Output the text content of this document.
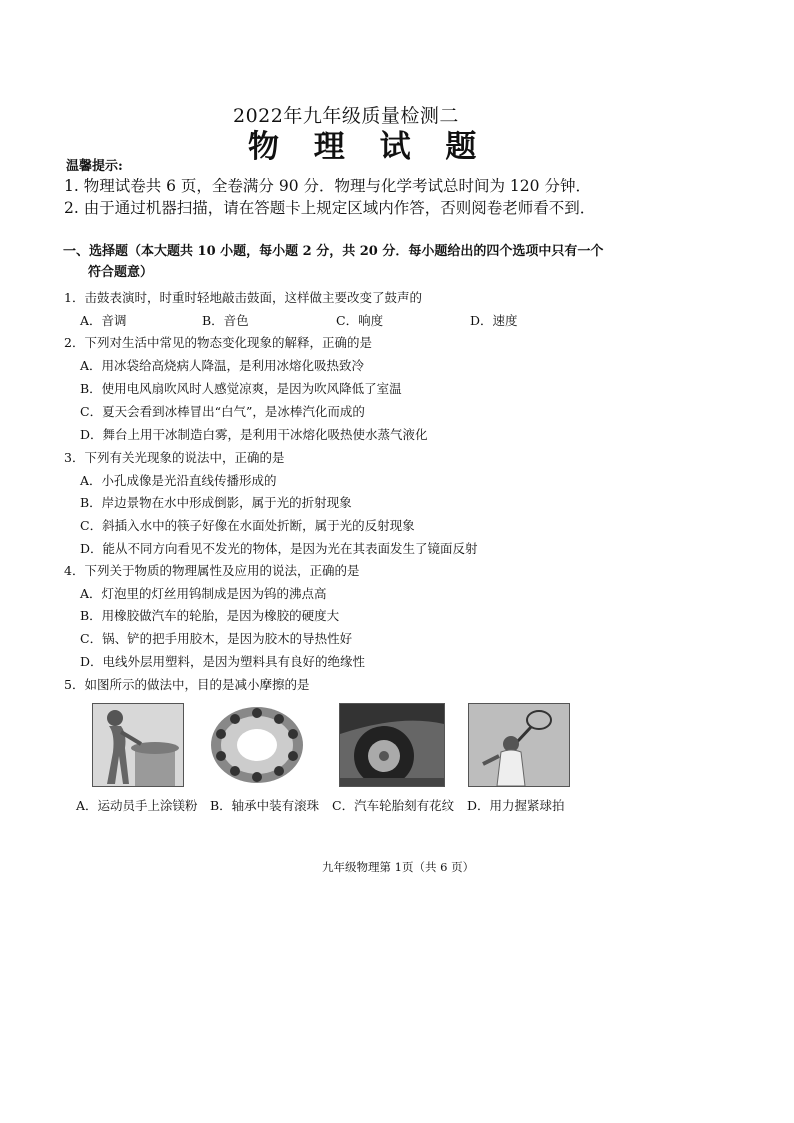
2022年九年级质量检测二
物 理 试 题
温馨提示:
1. 物理试卷共 6 页，全卷满分 90 分．物理与化学考试总时间为 120 分钟．
2. 由于通过机器扫描，请在答题卡上规定区域内作答，否则阅卷老师看不到．
一、选择题（本大题共 10 小题，每小题 2 分，共 20 分．每小题给出的四个选项中只有一个
符合题意）
1．击鼓表演时，时重时轻地敲击鼓面，这样做主要改变了鼓声的
A．音调	B．音色	C．响度	D．速度
2．下列对生活中常见的物态变化现象的解释，正确的是
A．用冰袋给高烧病人降温，是利用冰熔化吸热致冷
B．使用电风扇吹风时人感觉凉爽，是因为吹风降低了室温
C．夏天会看到冰棒冒出“白气”，是冰棒汽化而成的
D．舞台上用干冰制造白雾，是利用干冰熔化吸热使水蒸气液化
3．下列有关光现象的说法中，正确的是
A．小孔成像是光沿直线传播形成的
B．岸边景物在水中形成倒影，属于光的折射现象
C．斜插入水中的筷子好像在水面处折断，属于光的反射现象
D．能从不同方向看见不发光的物体，是因为光在其表面发生了镜面反射
4．下列关于物质的物理属性及应用的说法，正确的是
A．灯泡里的灯丝用钨制成是因为钨的沸点高
B．用橡胶做汽车的轮胎，是因为橡胶的硬度大
C．锅、铲的把手用胶木，是因为胶木的导热性好
D．电线外层用塑料，是因为塑料具有良好的绝缘性
5．如图所示的做法中，目的是减小摩擦的是
A．运动员手上涂镁粉 B．轴承中装有滚珠 C．汽车轮胎刻有花纹 D．用力握紧球拍
九年级物理第 1页（共 6 页）
